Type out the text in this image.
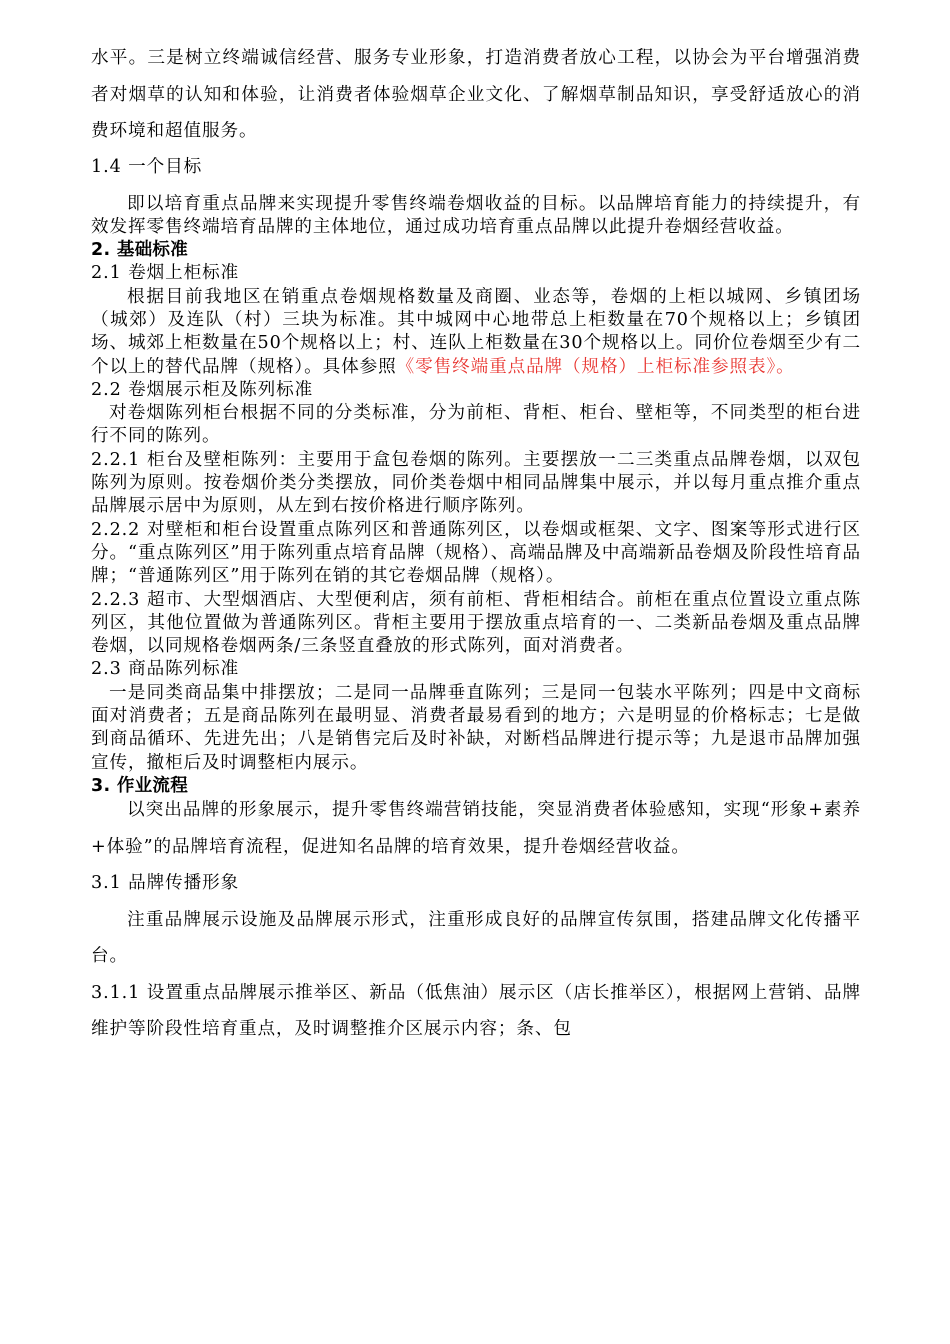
水平。三是树立终端诚信经营、服务专业形象，打造消费者放心工程，以协会为平台增强消费者对烟草的认知和体验，让消费者体验烟草企业文化、了解烟草制品知识，享受舒适放心的消费环境和超值服务。

1.4 一个目标

即以培育重点品牌来实现提升零售终端卷烟收益的目标。以品牌培育能力的持续提升，有效发挥零售终端培育品牌的主体地位，通过成功培育重点品牌以此提升卷烟经营收益。

2. 基础标准

2.1 卷烟上柜标准

根据目前我地区在销重点卷烟规格数量及商圈、业态等，卷烟的上柜以城网、乡镇团场（城郊）及连队（村）三块为标准。其中城网中心地带总上柜数量在70个规格以上；乡镇团场、城郊上柜数量在50个规格以上；村、连队上柜数量在30个规格以上。同价位卷烟至少有二个以上的替代品牌（规格）。具体参照《零售终端重点品牌（规格）上柜标准参照表》。

2.2 卷烟展示柜及陈列标准

对卷烟陈列柜台根据不同的分类标准，分为前柜、背柜、柜台、壁柜等，不同类型的柜台进行不同的陈列。

2.2.1 柜台及壁柜陈列：主要用于盒包卷烟的陈列。主要摆放一二三类重点品牌卷烟，以双包陈列为原则。按卷烟价类分类摆放，同价类卷烟中相同品牌集中展示，并以每月重点推介重点品牌展示居中为原则，从左到右按价格进行顺序陈列。

2.2.2 对壁柜和柜台设置重点陈列区和普通陈列区，以卷烟或框架、文字、图案等形式进行区分。“重点陈列区”用于陈列重点培育品牌（规格）、高端品牌及中高端新品卷烟及阶段性培育品牌；“普通陈列区”用于陈列在销的其它卷烟品牌（规格）。

2.2.3 超市、大型烟酒店、大型便利店，须有前柜、背柜相结合。前柜在重点位置设立重点陈列区，其他位置做为普通陈列区。背柜主要用于摆放重点培育的一、二类新品卷烟及重点品牌卷烟，以同规格卷烟两条/三条竖直叠放的形式陈列，面对消费者。

2.3 商品陈列标准

一是同类商品集中排摆放；二是同一品牌垂直陈列；三是同一包装水平陈列；四是中文商标面对消费者；五是商品陈列在最明显、消费者最易看到的地方；六是明显的价格标志；七是做到商品循环、先进先出；八是销售完后及时补缺，对断档品牌进行提示等；九是退市品牌加强宣传，撤柜后及时调整柜内展示。

3. 作业流程

以突出品牌的形象展示，提升零售终端营销技能，突显消费者体验感知，实现“形象+素养+体验”的品牌培育流程，促进知名品牌的培育效果，提升卷烟经营收益。

3.1 品牌传播形象

注重品牌展示设施及品牌展示形式，注重形成良好的品牌宣传氛围，搭建品牌文化传播平台。

3.1.1 设置重点品牌展示推举区、新品（低焦油）展示区（店长推举区），根据网上营销、品牌维护等阶段性培育重点，及时调整推介区展示内容；条、包
